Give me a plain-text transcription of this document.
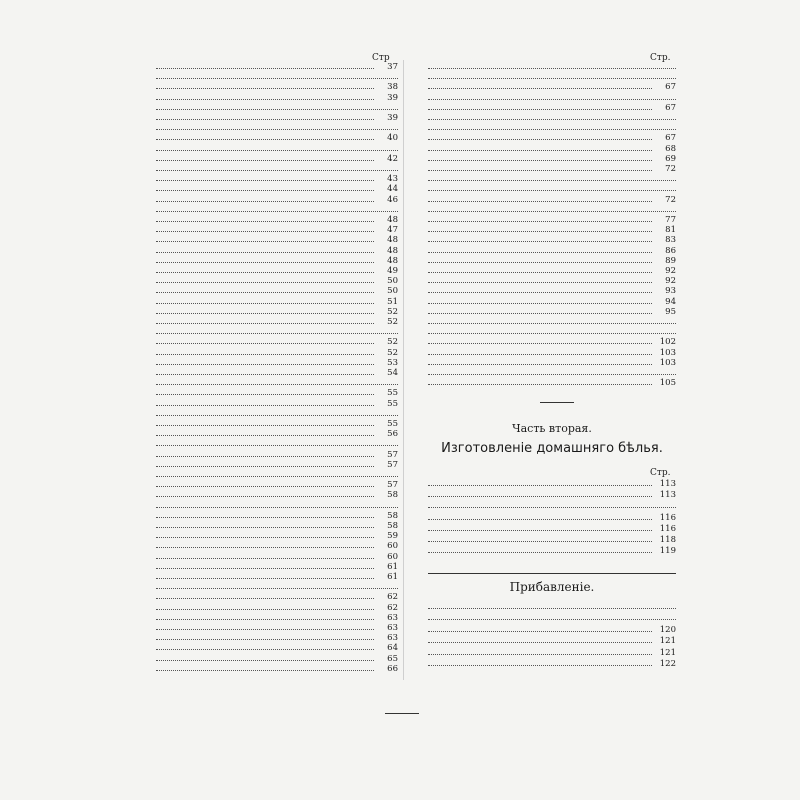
Стр
37
38
39
39
40
42
43
44
46
48
47
48
48
48
49
50
50
51
52
52
52
52
53
54
55
55
55
56
57
57
57
58
58
58
59
60
60
61
61
62
62
63
63
63
64
65
66
Стр.
67
67
67
68
69
72
72
77
81
83
86
89
92
92
93
94
95
102
103
103
105
Стр.
113
113
116
116
118
119
120
121
121
122
Часть вторая.
Изготовленіе домашняго бѣлья.
Прибавленіе.
